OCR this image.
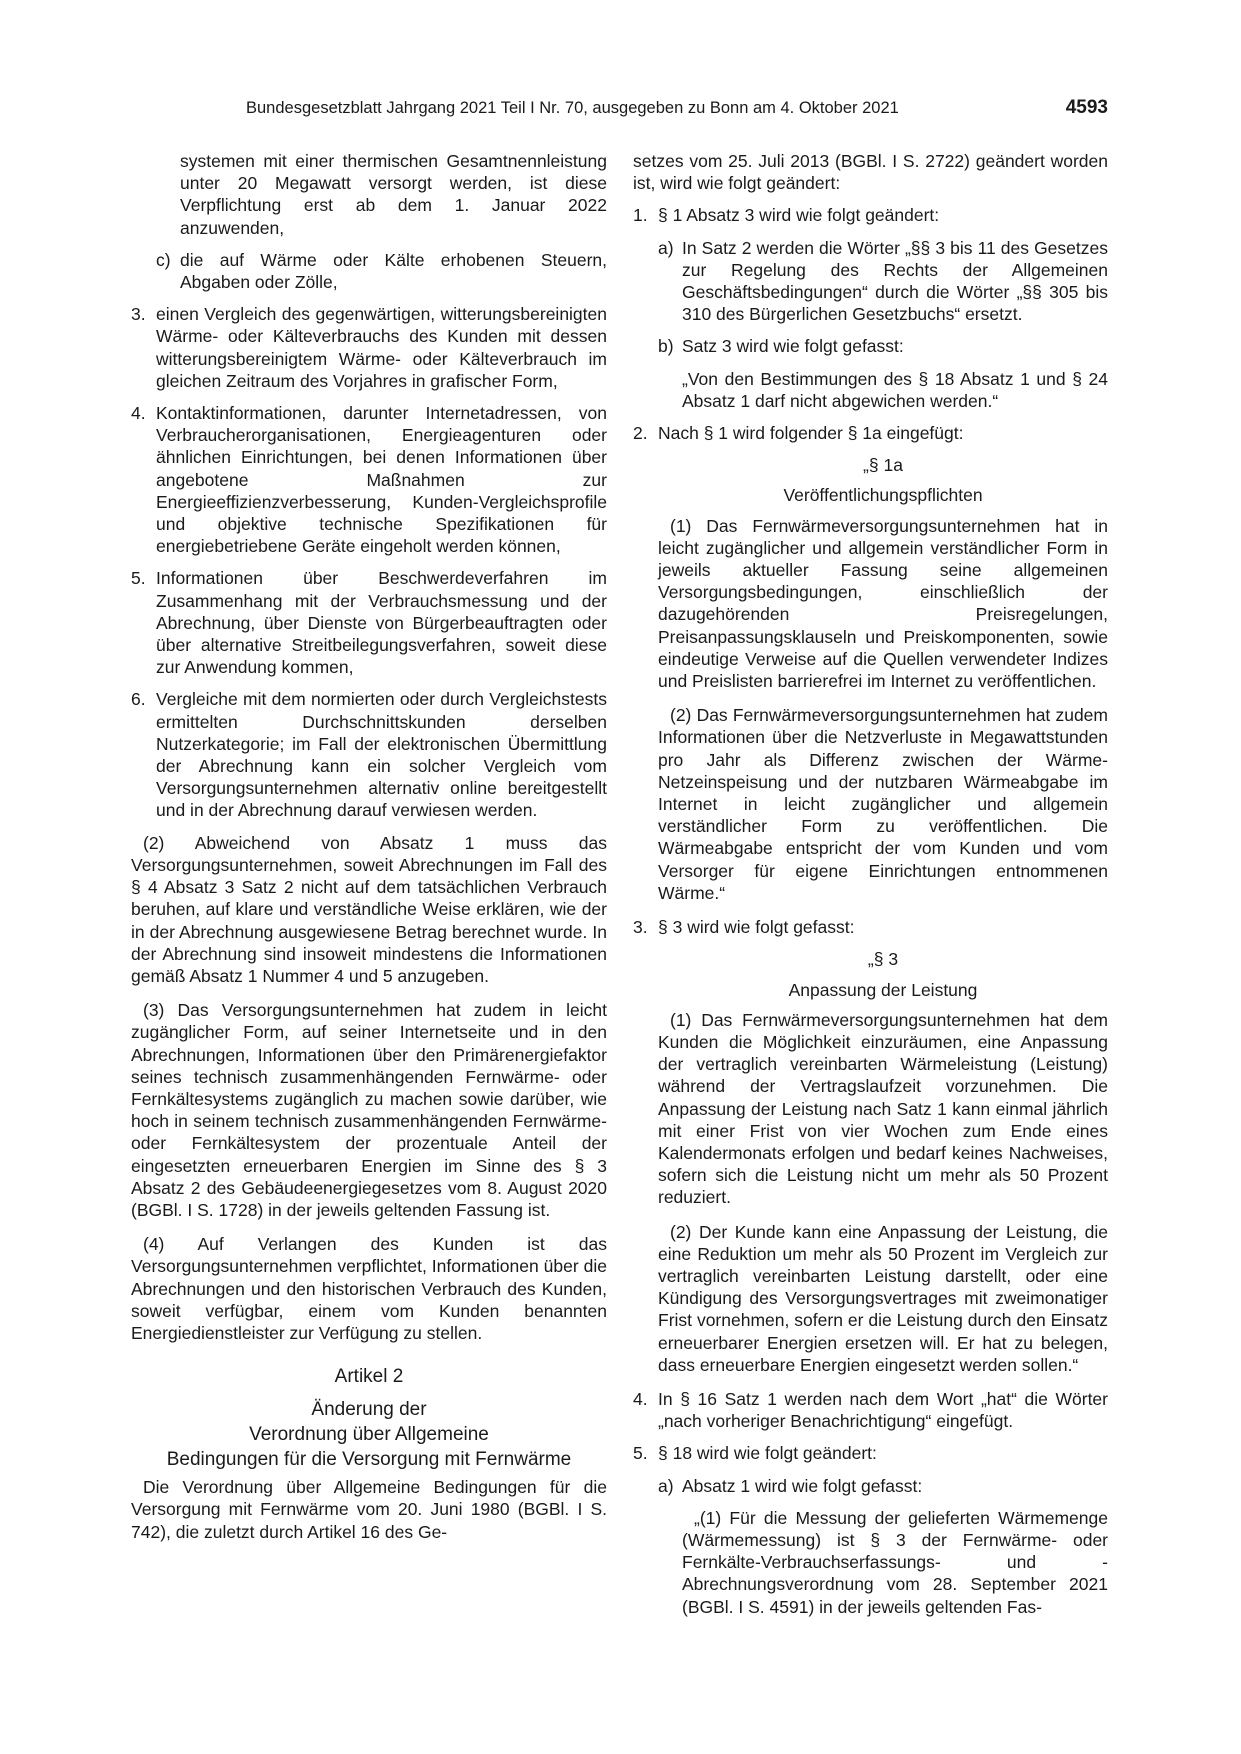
Bundesgesetzblatt Jahrgang 2021 Teil I Nr. 70, ausgegeben zu Bonn am 4. Oktober 2021	4593
systemen mit einer thermischen Gesamtnennleistung unter 20 Megawatt versorgt werden, ist diese Verpflichtung erst ab dem 1. Januar 2022 anzuwenden,
c) die auf Wärme oder Kälte erhobenen Steuern, Abgaben oder Zölle,
3. einen Vergleich des gegenwärtigen, witterungsbereinigten Wärme- oder Kälteverbrauchs des Kunden mit dessen witterungsbereinigtem Wärme- oder Kälteverbrauch im gleichen Zeitraum des Vorjahres in grafischer Form,
4. Kontaktinformationen, darunter Internetadressen, von Verbraucherorganisationen, Energieagenturen oder ähnlichen Einrichtungen, bei denen Informationen über angebotene Maßnahmen zur Energieeffizienzverbesserung, Kunden-Vergleichsprofile und objektive technische Spezifikationen für energiebetriebene Geräte eingeholt werden können,
5. Informationen über Beschwerdeverfahren im Zusammenhang mit der Verbrauchsmessung und der Abrechnung, über Dienste von Bürgerbeauftragten oder über alternative Streitbeilegungsverfahren, soweit diese zur Anwendung kommen,
6. Vergleiche mit dem normierten oder durch Vergleichstests ermittelten Durchschnittskunden derselben Nutzerkategorie; im Fall der elektronischen Übermittlung der Abrechnung kann ein solcher Vergleich vom Versorgungsunternehmen alternativ online bereitgestellt und in der Abrechnung darauf verwiesen werden.
(2) Abweichend von Absatz 1 muss das Versorgungsunternehmen, soweit Abrechnungen im Fall des § 4 Absatz 3 Satz 2 nicht auf dem tatsächlichen Verbrauch beruhen, auf klare und verständliche Weise erklären, wie der in der Abrechnung ausgewiesene Betrag berechnet wurde. In der Abrechnung sind insoweit mindestens die Informationen gemäß Absatz 1 Nummer 4 und 5 anzugeben.
(3) Das Versorgungsunternehmen hat zudem in leicht zugänglicher Form, auf seiner Internetseite und in den Abrechnungen, Informationen über den Primärenergiefaktor seines technisch zusammenhängenden Fernwärme- oder Fernkältesystems zugänglich zu machen sowie darüber, wie hoch in seinem technisch zusammenhängenden Fernwärme- oder Fernkältesystem der prozentuale Anteil der eingesetzten erneuerbaren Energien im Sinne des § 3 Absatz 2 des Gebäudeenergiegesetzes vom 8. August 2020 (BGBl. I S. 1728) in der jeweils geltenden Fassung ist.
(4) Auf Verlangen des Kunden ist das Versorgungsunternehmen verpflichtet, Informationen über die Abrechnungen und den historischen Verbrauch des Kunden, soweit verfügbar, einem vom Kunden benannten Energiedienstleister zur Verfügung zu stellen.
Artikel 2
Änderung der
Verordnung über Allgemeine
Bedingungen für die Versorgung mit Fernwärme
Die Verordnung über Allgemeine Bedingungen für die Versorgung mit Fernwärme vom 20. Juni 1980 (BGBl. I S. 742), die zuletzt durch Artikel 16 des Ge-
setzes vom 25. Juli 2013 (BGBl. I S. 2722) geändert worden ist, wird wie folgt geändert:
1. § 1 Absatz 3 wird wie folgt geändert:
a) In Satz 2 werden die Wörter „§§ 3 bis 11 des Gesetzes zur Regelung des Rechts der Allgemeinen Geschäftsbedingungen“ durch die Wörter „§§ 305 bis 310 des Bürgerlichen Gesetzbuchs“ ersetzt.
b) Satz 3 wird wie folgt gefasst:
„Von den Bestimmungen des § 18 Absatz 1 und § 24 Absatz 1 darf nicht abgewichen werden.“
2. Nach § 1 wird folgender § 1a eingefügt:
„§ 1a
Veröffentlichungspflichten
(1) Das Fernwärmeversorgungsunternehmen hat in leicht zugänglicher und allgemein verständlicher Form in jeweils aktueller Fassung seine allgemeinen Versorgungsbedingungen, einschließlich der dazugehörenden Preisregelungen, Preisanpassungsklauseln und Preiskomponenten, sowie eindeutige Verweise auf die Quellen verwendeter Indizes und Preislisten barrierefrei im Internet zu veröffentlichen.
(2) Das Fernwärmeversorgungsunternehmen hat zudem Informationen über die Netzverluste in Megawattstunden pro Jahr als Differenz zwischen der Wärme-Netzeinspeisung und der nutzbaren Wärmeabgabe im Internet in leicht zugänglicher und allgemein verständlicher Form zu veröffentlichen. Die Wärmeabgabe entspricht der vom Kunden und vom Versorger für eigene Einrichtungen entnommenen Wärme.“
3. § 3 wird wie folgt gefasst:
„§ 3
Anpassung der Leistung
(1) Das Fernwärmeversorgungsunternehmen hat dem Kunden die Möglichkeit einzuräumen, eine Anpassung der vertraglich vereinbarten Wärmeleistung (Leistung) während der Vertragslaufzeit vorzunehmen. Die Anpassung der Leistung nach Satz 1 kann einmal jährlich mit einer Frist von vier Wochen zum Ende eines Kalendermonats erfolgen und bedarf keines Nachweises, sofern sich die Leistung nicht um mehr als 50 Prozent reduziert.
(2) Der Kunde kann eine Anpassung der Leistung, die eine Reduktion um mehr als 50 Prozent im Vergleich zur vertraglich vereinbarten Leistung darstellt, oder eine Kündigung des Versorgungsvertrages mit zweimonatiger Frist vornehmen, sofern er die Leistung durch den Einsatz erneuerbarer Energien ersetzen will. Er hat zu belegen, dass erneuerbare Energien eingesetzt werden sollen.“
4. In § 16 Satz 1 werden nach dem Wort „hat“ die Wörter „nach vorheriger Benachrichtigung“ eingefügt.
5. § 18 wird wie folgt geändert:
a) Absatz 1 wird wie folgt gefasst:
„(1) Für die Messung der gelieferten Wärmemenge (Wärmemessung) ist § 3 der Fernwärme- oder Fernkälte-Verbrauchserfassungs- und -Abrechnungsverordnung vom 28. September 2021 (BGBl. I S. 4591) in der jeweils geltenden Fas-
